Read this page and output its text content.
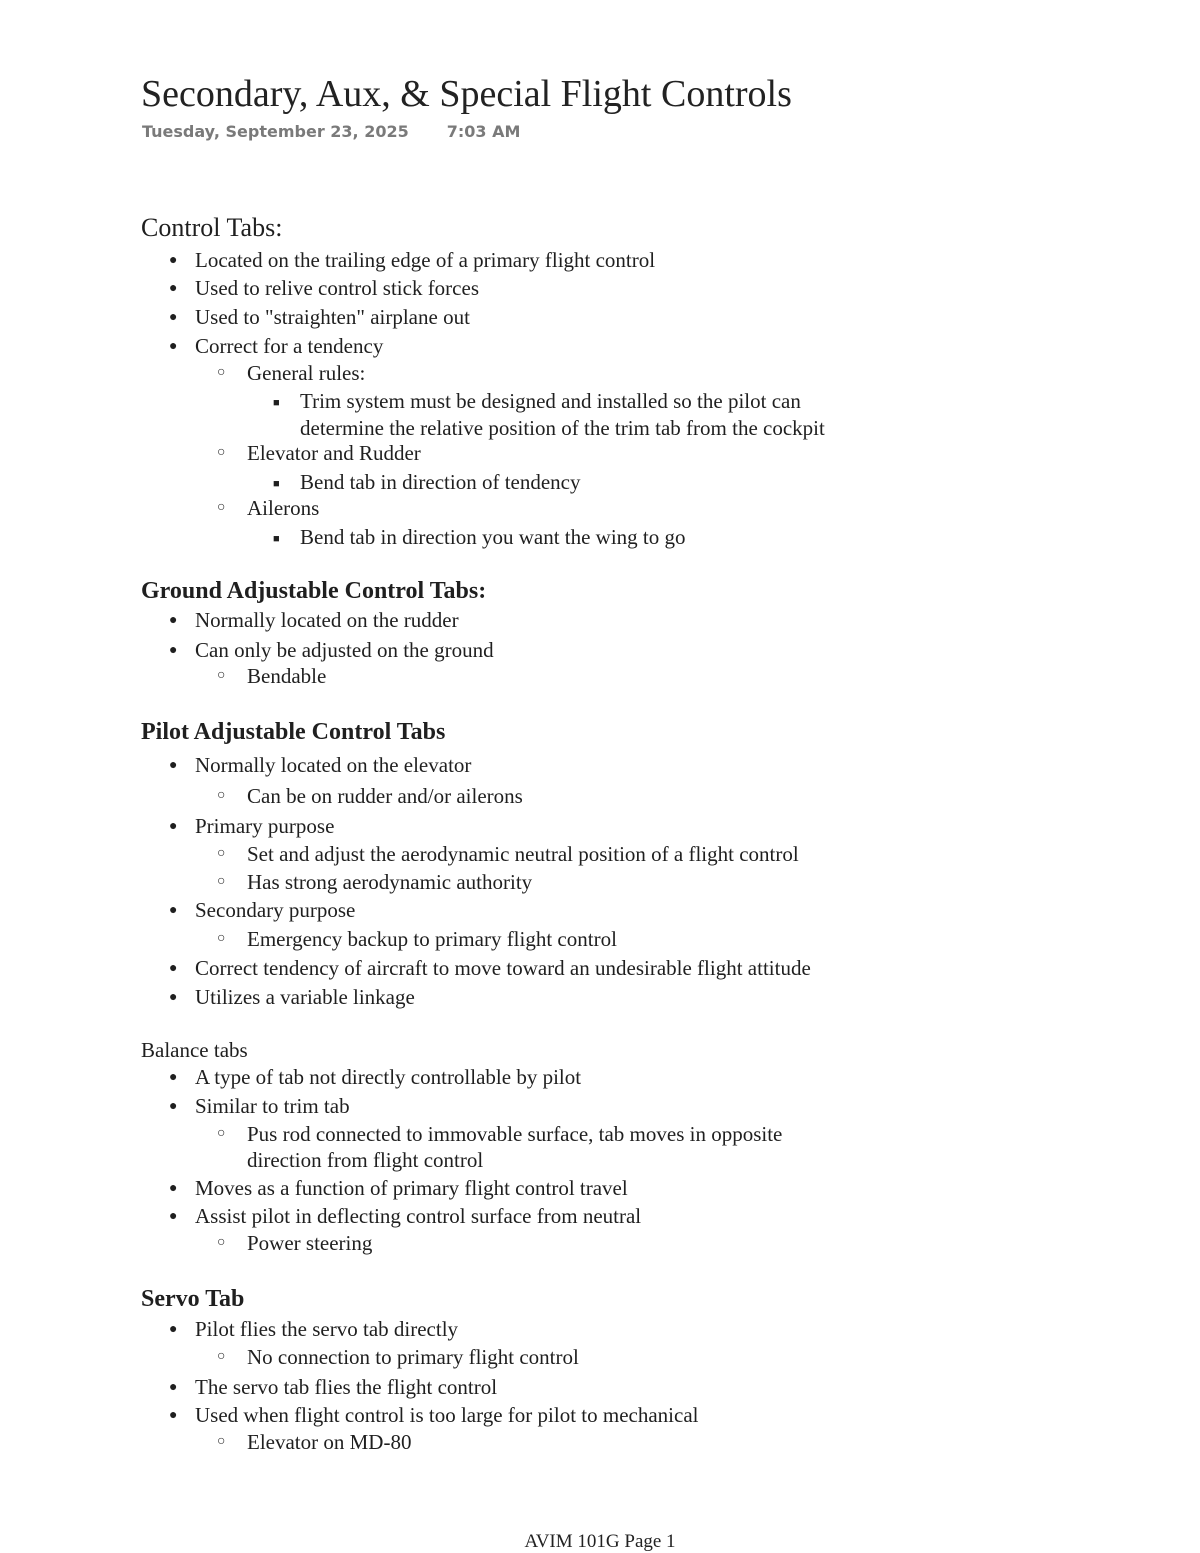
Secondary, Aux, & Special Flight Controls
Tuesday, September 23, 2025 7:03 AM
Control Tabs:
● Located on the trailing edge of a primary flight control
● Used to relive control stick forces
● Used to "straighten" airplane out
● Correct for a tendency
○ General rules:
■ Trim system must be designed and installed so the pilot can
determine the relative position of the trim tab from the cockpit
○ Elevator and Rudder
■ Bend tab in direction of tendency
○ Ailerons
■ Bend tab in direction you want the wing to go
Ground Adjustable Control Tabs:
● Normally located on the rudder
● Can only be adjusted on the ground
○ Bendable
Pilot Adjustable Control Tabs
● Normally located on the elevator
○ Can be on rudder and/or ailerons
● Primary purpose
○ Set and adjust the aerodynamic neutral position of a flight control
○ Has strong aerodynamic authority
● Secondary purpose
○ Emergency backup to primary flight control
● Correct tendency of aircraft to move toward an undesirable flight attitude
● Utilizes a variable linkage
Balance tabs
● A type of tab not directly controllable by pilot
● Similar to trim tab
○ Pus rod connected to immovable surface, tab moves in opposite
direction from flight control
● Moves as a function of primary flight control travel
● Assist pilot in deflecting control surface from neutral
○ Power steering
Servo Tab
● Pilot flies the servo tab directly
○ No connection to primary flight control
● The servo tab flies the flight control
● Used when flight control is too large for pilot to mechanical
○ Elevator on MD-80
AVIM 101G Page 1
